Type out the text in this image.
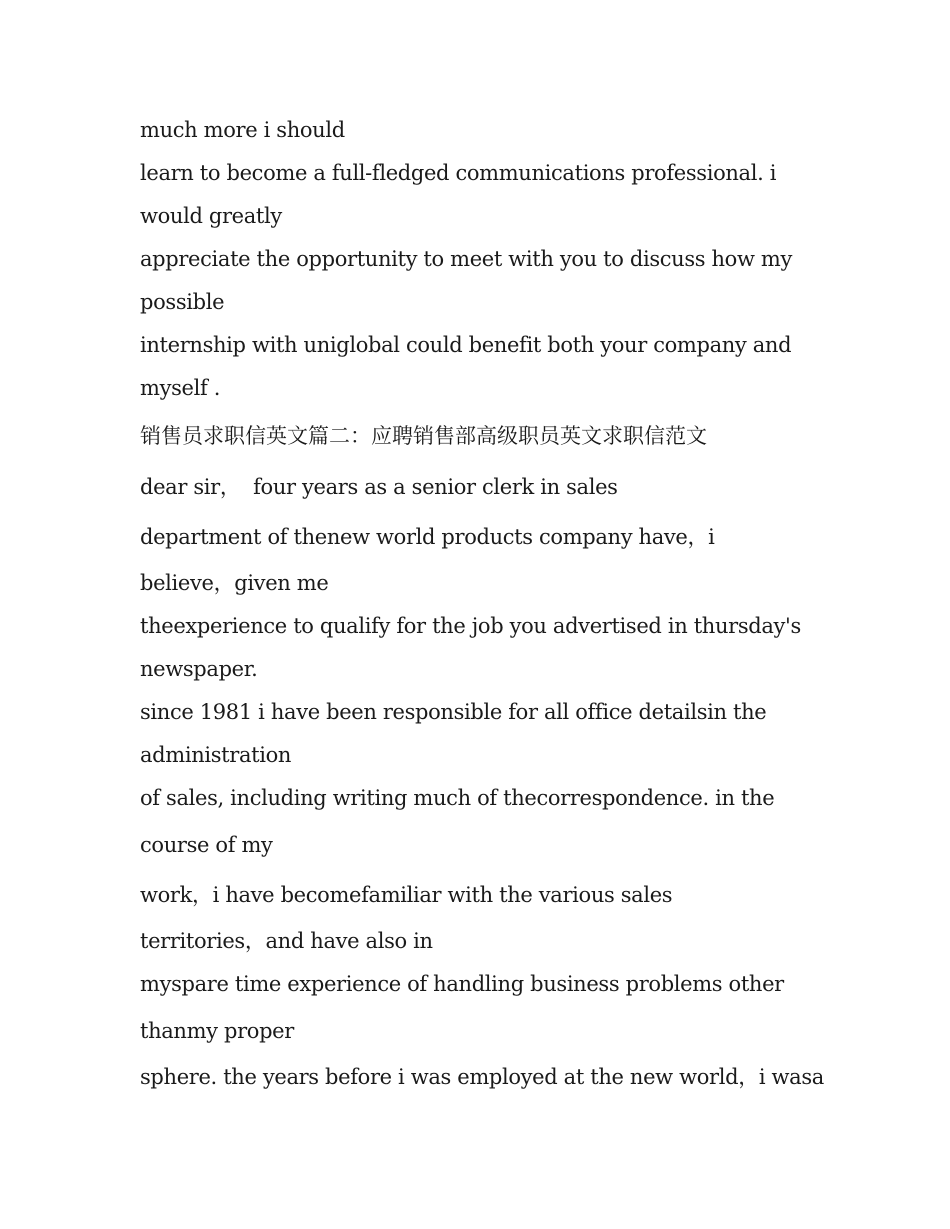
much more i should
learn to become a full-fledged communications professional. i
would greatly
appreciate the opportunity to meet with you to discuss how my
possible
internship with uniglobal could benefit both your company and
myself .
销售员求职信英文篇二：应聘销售部高级职员英文求职信范文
dear sir，  four years as a senior clerk in sales
department of thenew world products company have，i
believe，given me
theexperience to qualify for the job you advertised in thursday's
newspaper.
since 1981 i have been responsible for all office detailsin the
administration
of sales, including writing much of thecorrespondence. in the
course of my
work，i have becomefamiliar with the various sales
territories，and have also in
myspare time experience of handling business problems other
thanmy proper
sphere. the years before i was employed at the new world，i wasa
